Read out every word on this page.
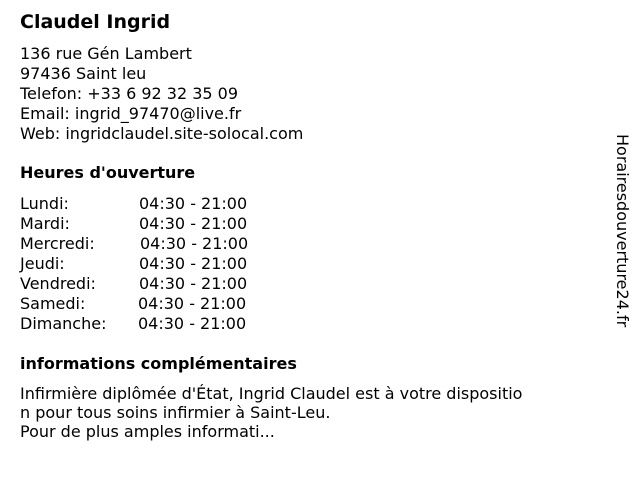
Claudel Ingrid
136 rue Gén Lambert
97436 Saint leu
Telefon: +33 6 92 32 35 09
Email: ingrid_97470@live.fr
Web: ingridclaudel.site-solocal.com
Heures d'ouverture
Lundi:	04:30 - 21:00
Mardi:	04:30 - 21:00
Mercredi:	04:30 - 21:00
Jeudi:	04:30 - 21:00
Vendredi:	04:30 - 21:00
Samedi:	04:30 - 21:00
Dimanche: 04:30 - 21:00
informations complémentaires
Infirmière diplômée d'État, Ingrid Claudel est à votre dispositio
n pour tous soins infirmier à Saint-Leu.
Pour de plus amples informati...
Horairesdouverture24.fr
